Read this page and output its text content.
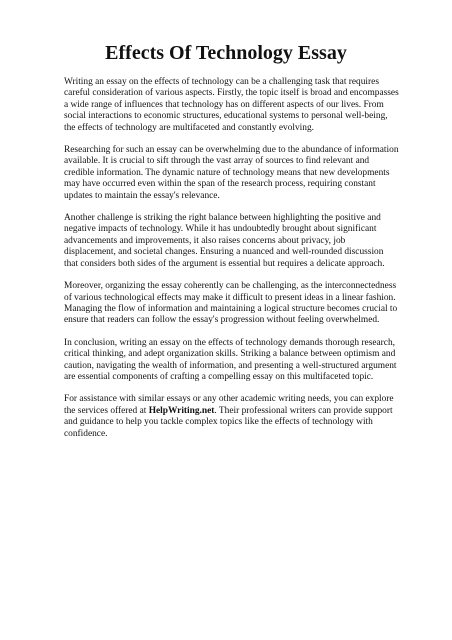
Effects Of Technology Essay

Writing an essay on the effects of technology can be a challenging task that requires careful consideration of various aspects. Firstly, the topic itself is broad and encompasses a wide range of influences that technology has on different aspects of our lives. From social interactions to economic structures, educational systems to personal well-being, the effects of technology are multifaceted and constantly evolving.

Researching for such an essay can be overwhelming due to the abundance of information available. It is crucial to sift through the vast array of sources to find relevant and credible information. The dynamic nature of technology means that new developments may have occurred even within the span of the research process, requiring constant updates to maintain the essay's relevance.

Another challenge is striking the right balance between highlighting the positive and negative impacts of technology. While it has undoubtedly brought about significant advancements and improvements, it also raises concerns about privacy, job displacement, and societal changes. Ensuring a nuanced and well-rounded discussion that considers both sides of the argument is essential but requires a delicate approach.

Moreover, organizing the essay coherently can be challenging, as the interconnectedness of various technological effects may make it difficult to present ideas in a linear fashion. Managing the flow of information and maintaining a logical structure becomes crucial to ensure that readers can follow the essay's progression without feeling overwhelmed.

In conclusion, writing an essay on the effects of technology demands thorough research, critical thinking, and adept organization skills. Striking a balance between optimism and caution, navigating the wealth of information, and presenting a well-structured argument are essential components of crafting a compelling essay on this multifaceted topic.

For assistance with similar essays or any other academic writing needs, you can explore the services offered at HelpWriting.net. Their professional writers can provide support and guidance to help you tackle complex topics like the effects of technology with confidence.
